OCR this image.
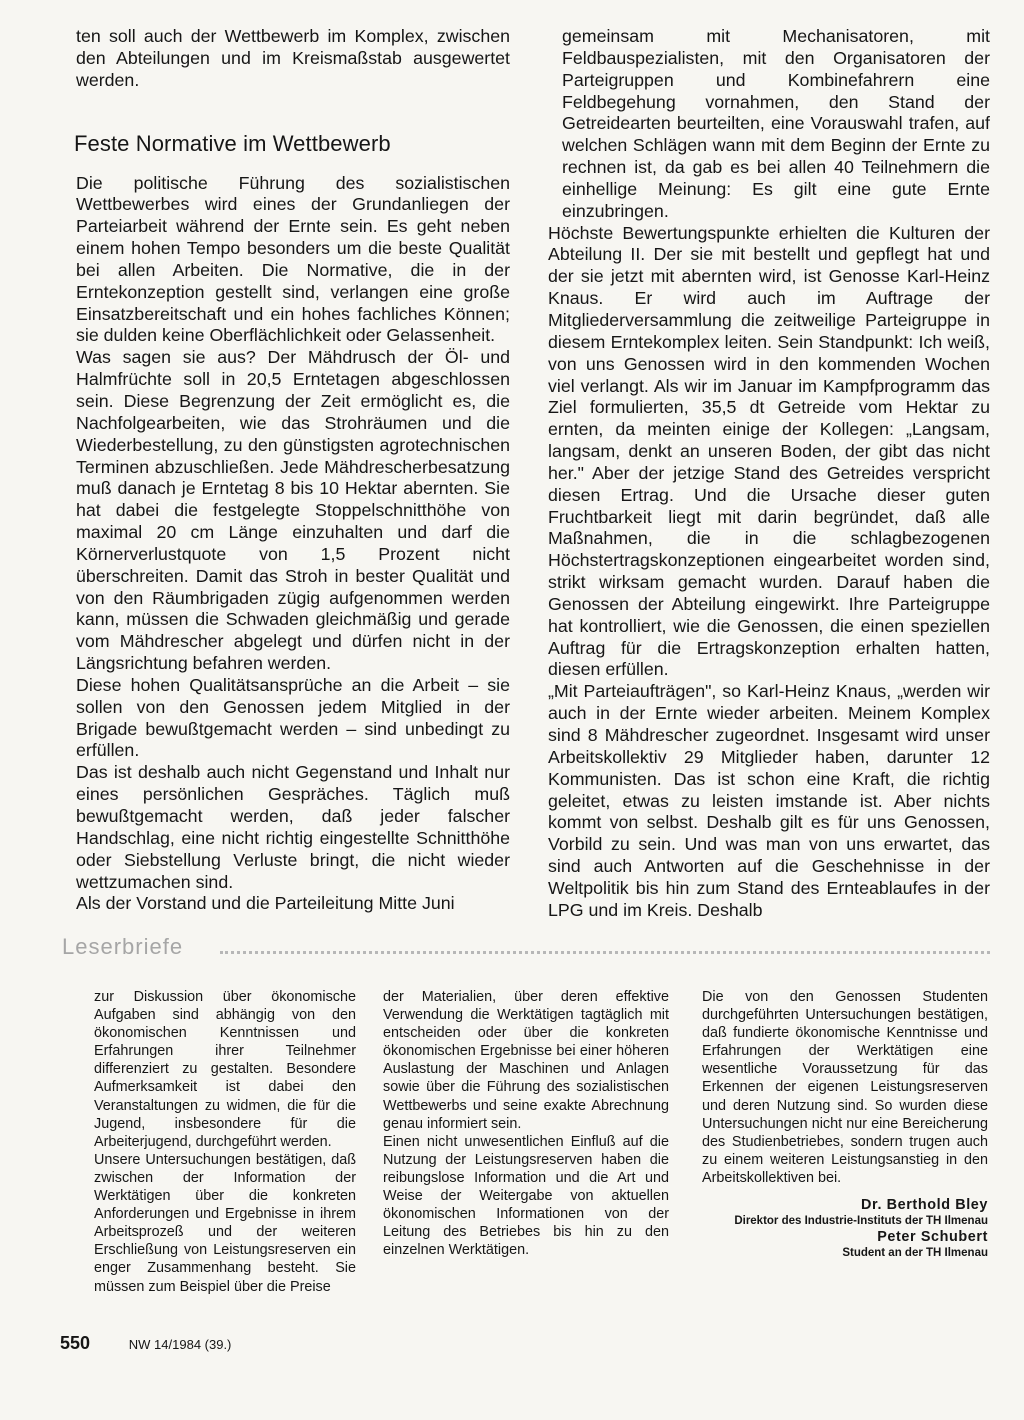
ten soll auch der Wettbewerb im Komplex, zwischen den Abteilungen und im Kreismaßstab ausgewertet werden.

Die politische Führung des sozialistischen Wettbewerbes wird eines der Grundanliegen der Parteiarbeit während der Ernte sein. Es geht neben einem hohen Tempo besonders um die beste Qualität bei allen Arbeiten. Die Normative, die in der Erntekonzeption gestellt sind, verlangen eine große Einsatzbereitschaft und ein hohes fachliches Können; sie dulden keine Oberflächlichkeit oder Gelassenheit.

Was sagen sie aus? Der Mähdrusch der Öl- und Halmfrüchte soll in 20,5 Erntetagen abgeschlossen sein. Diese Begrenzung der Zeit ermöglicht es, die Nachfolgearbeiten, wie das Strohräumen und die Wiederbestellung, zu den günstigsten agrotechnischen Terminen abzuschließen. Jede Mähdrescherbesatzung muß danach je Erntetag 8 bis 10 Hektar abernten. Sie hat dabei die festgelegte Stoppelschnitthöhe von maximal 20 cm Länge einzuhalten und darf die Körnerverlustquote von 1,5 Prozent nicht überschreiten. Damit das Stroh in bester Qualität und von den Räumbrigaden zügig aufgenommen werden kann, müssen die Schwaden gleichmäßig und gerade vom Mähdrescher abgelegt und dürfen nicht in der Längsrichtung befahren werden.

Diese hohen Qualitätsansprüche an die Arbeit – sie sollen von den Genossen jedem Mitglied in der Brigade bewußtgemacht werden – sind unbedingt zu erfüllen.

Das ist deshalb auch nicht Gegenstand und Inhalt nur eines persönlichen Gespräches. Täglich muß bewußtgemacht werden, daß jeder falscher Handschlag, eine nicht richtig eingestellte Schnitthöhe oder Siebstellung Verluste bringt, die nicht wieder wettzumachen sind.

Als der Vorstand und die Parteileitung Mitte Juni

Feste Normative im Wettbewerb

gemeinsam mit Mechanisatoren, mit Feldbauspezialisten, mit den Organisatoren der Parteigruppen und Kombinefahrern eine Feldbegehung vornahmen, den Stand der Getreidearten beurteilten, eine Vorauswahl trafen, auf welchen Schlägen wann mit dem Beginn der Ernte zu rechnen ist, da gab es bei allen 40 Teilnehmern die einhellige Meinung: Es gilt eine gute Ernte einzubringen.

Höchste Bewertungspunkte erhielten die Kulturen der Abteilung II. Der sie mit bestellt und gepflegt hat und der sie jetzt mit abernten wird, ist Genosse Karl-Heinz Knaus. Er wird auch im Auftrage der Mitgliederversammlung die zeitweilige Parteigruppe in diesem Erntekomplex leiten. Sein Standpunkt: Ich weiß, von uns Genossen wird in den kommenden Wochen viel verlangt. Als wir im Januar im Kampfprogramm das Ziel formulierten, 35,5 dt Getreide vom Hektar zu ernten, da meinten einige der Kollegen: „Langsam, langsam, denkt an unseren Boden, der gibt das nicht her." Aber der jetzige Stand des Getreides verspricht diesen Ertrag. Und die Ursache dieser guten Fruchtbarkeit liegt mit darin begründet, daß alle Maßnahmen, die in die schlagbezogenen Höchstertragskonzeptionen eingearbeitet worden sind, strikt wirksam gemacht wurden. Darauf haben die Genossen der Abteilung eingewirkt. Ihre Parteigruppe hat kontrolliert, wie die Genossen, die einen speziellen Auftrag für die Ertragskonzeption erhalten hatten, diesen erfüllen.

„Mit Parteiaufträgen", so Karl-Heinz Knaus, „werden wir auch in der Ernte wieder arbeiten. Meinem Komplex sind 8 Mähdrescher zugeordnet. Insgesamt wird unser Arbeitskollektiv 29 Mitglieder haben, darunter 12 Kommunisten. Das ist schon eine Kraft, die richtig geleitet, etwas zu leisten imstande ist. Aber nichts kommt von selbst. Deshalb gilt es für uns Genossen, Vorbild zu sein. Und was man von uns erwartet, das sind auch Antworten auf die Geschehnisse in der Weltpolitik bis hin zum Stand des Ernteablaufes in der LPG und im Kreis. Deshalb

Leserbriefe

zur Diskussion über ökonomische Aufgaben sind abhängig von den ökonomischen Kenntnissen und Erfahrungen ihrer Teilnehmer differenziert zu gestalten. Besondere Aufmerksamkeit ist dabei den Veranstaltungen zu widmen, die für die Jugend, insbesondere für die Arbeiterjugend, durchgeführt werden.

Unsere Untersuchungen bestätigen, daß zwischen der Information der Werktätigen über die konkreten Anforderungen und Ergebnisse in ihrem Arbeitsprozeß und der weiteren Erschließung von Leistungsreserven ein enger Zusammenhang besteht. Sie müssen zum Beispiel über die Preise

der Materialien, über deren effektive Verwendung die Werktätigen tagtäglich mit entscheiden oder über die konkreten ökonomischen Ergebnisse bei einer höheren Auslastung der Maschinen und Anlagen sowie über die Führung des sozialistischen Wettbewerbs und seine exakte Abrechnung genau informiert sein.

Einen nicht unwesentlichen Einfluß auf die Nutzung der Leistungsreserven haben die reibungslose Information und die Art und Weise der Weitergabe von aktuellen ökonomischen Informationen von der Leitung des Betriebes bis hin zu den einzelnen Werktätigen.

Die von den Genossen Studenten durchgeführten Untersuchungen bestätigen, daß fundierte ökonomische Kenntnisse und Erfahrungen der Werktätigen eine wesentliche Voraussetzung für das Erkennen der eigenen Leistungsreserven und deren Nutzung sind. So wurden diese Untersuchungen nicht nur eine Bereicherung des Studienbetriebes, sondern trugen auch zu einem weiteren Leistungsanstieg in den Arbeitskollektiven bei.

Dr. Berthold Bley
Direktor des Industrie-Instituts der TH Ilmenau
Peter Schubert
Student an der TH Ilmenau
550	NW 14/1984 (39.)
